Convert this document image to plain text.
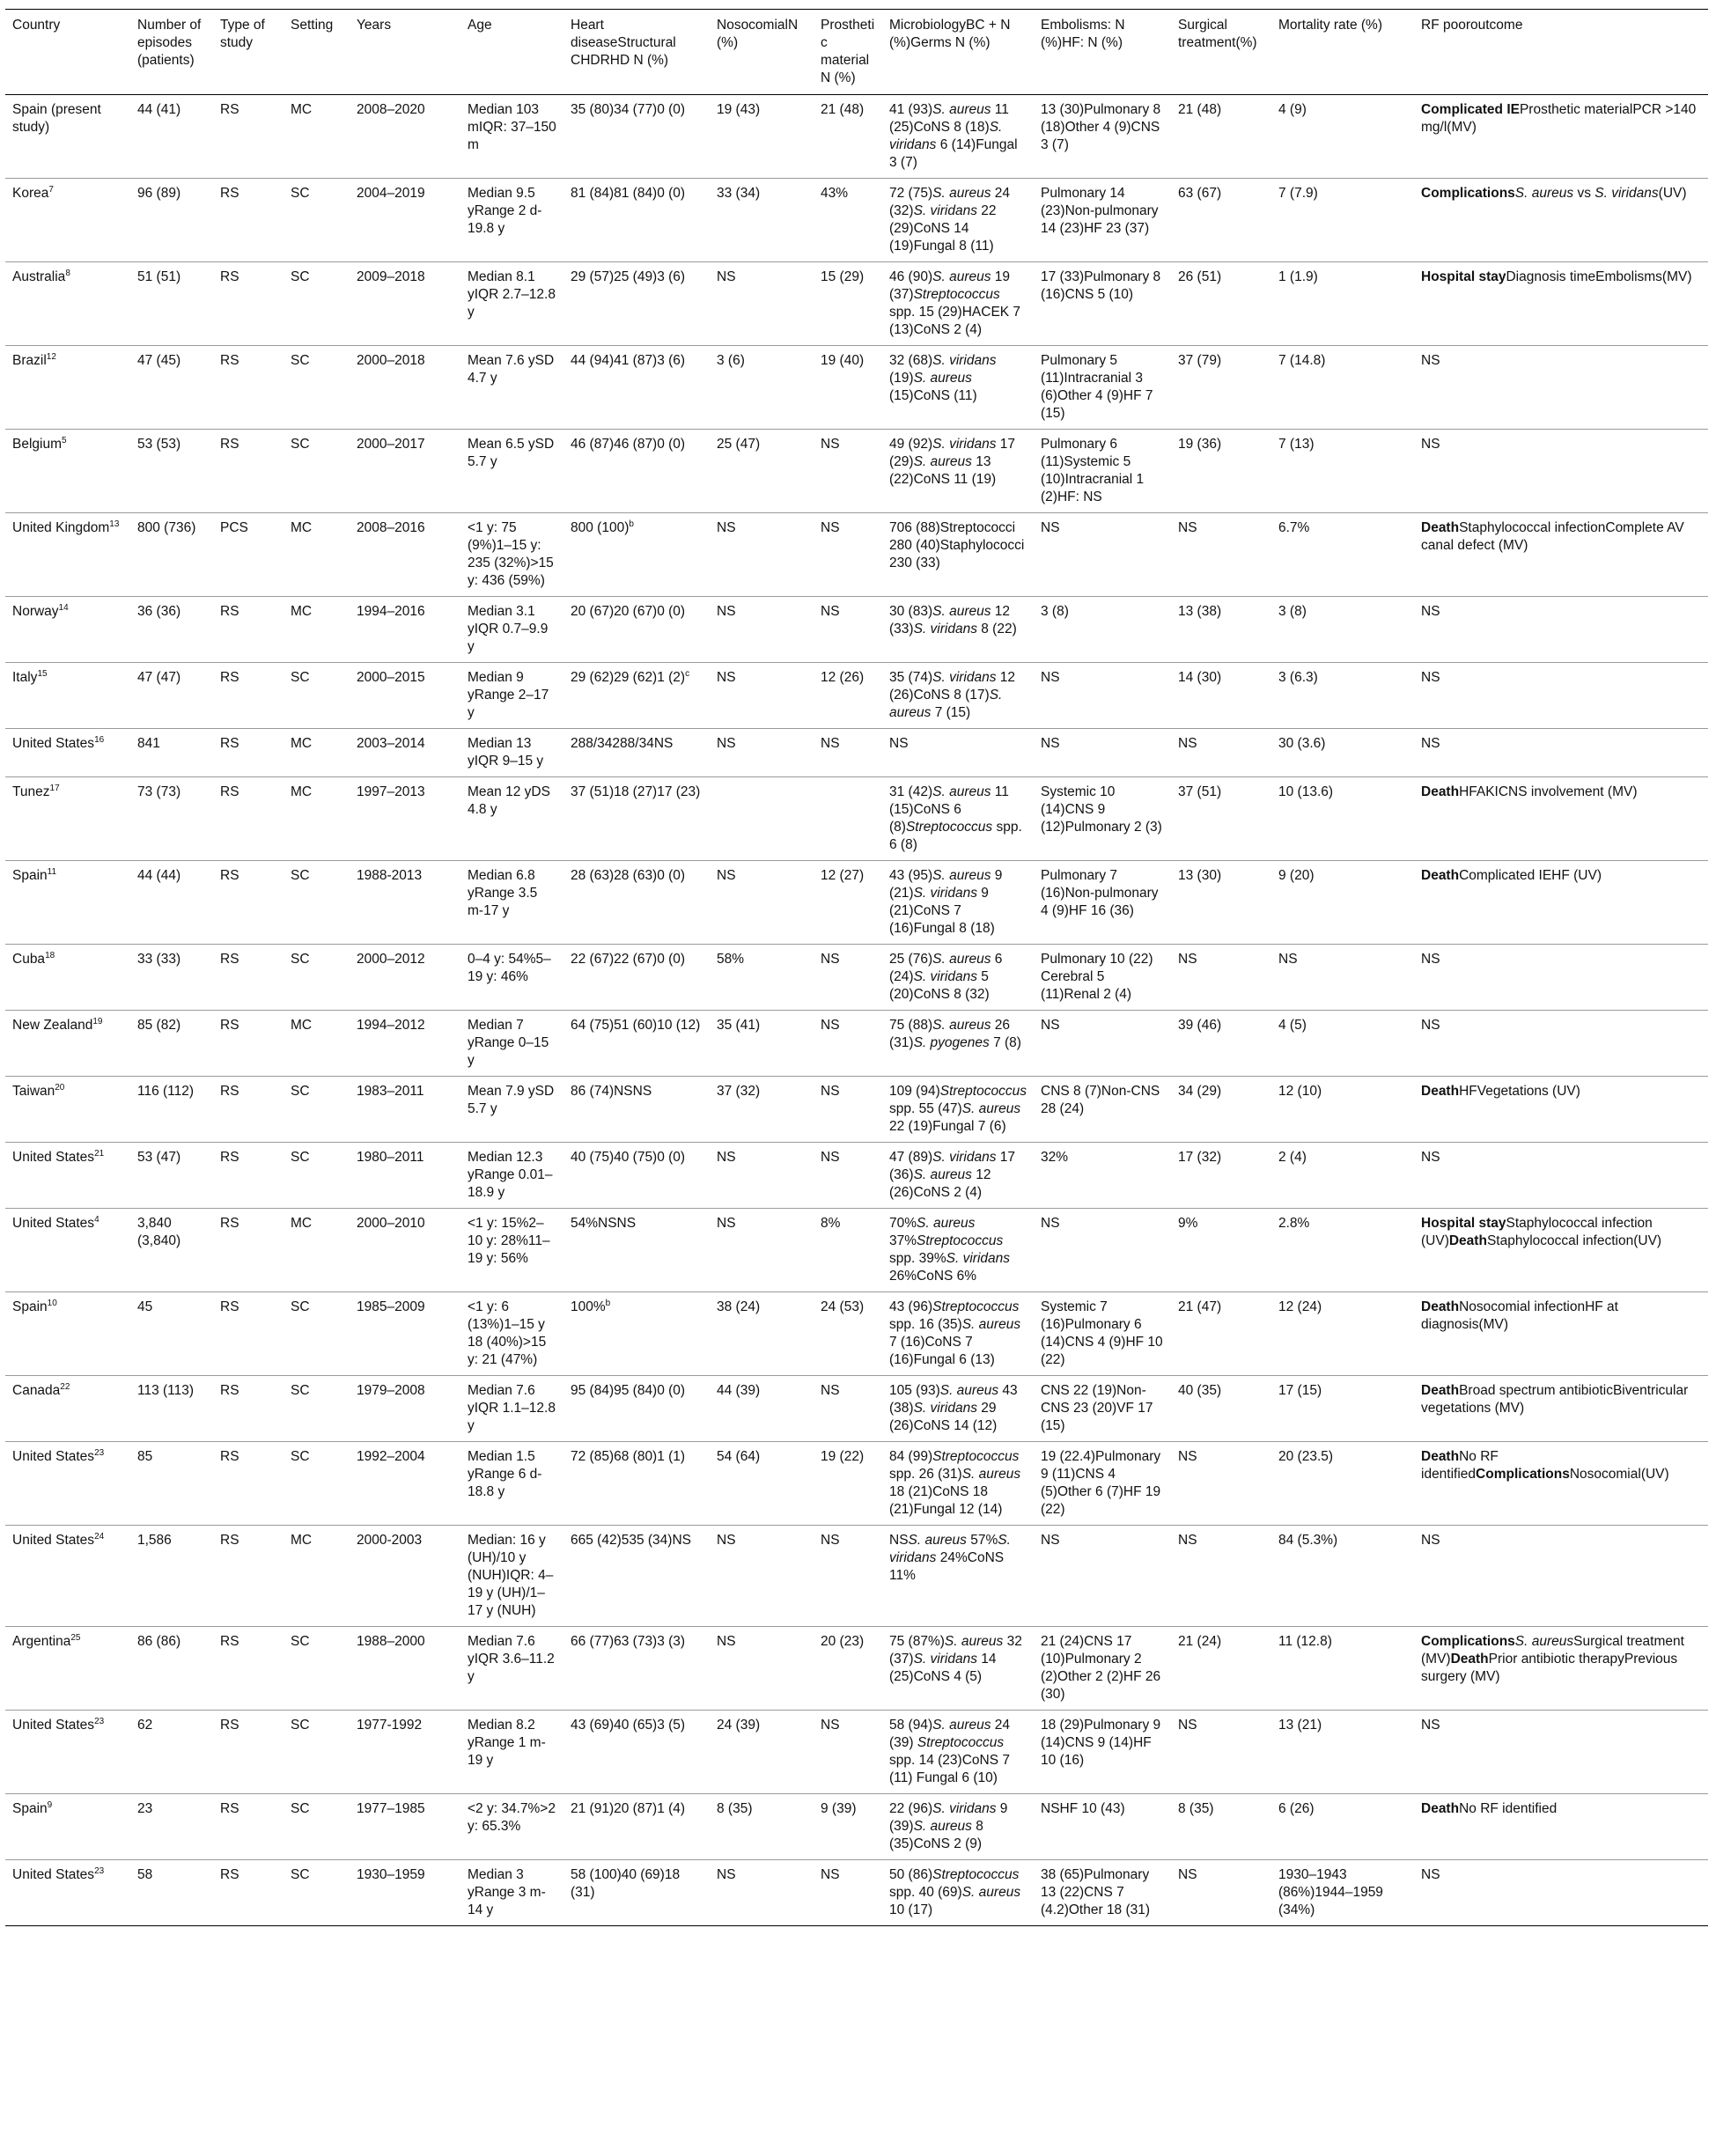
Country	Number of episodes (patients)	Type of study	Setting	Years	Age	Heart diseaseStructural CHDRHD N (%)	NosocomialN (%)	Prosthetic materialN (%)	MicrobiologyBC + N (%)Germs N (%)	Embolisms: N (%)HF: N (%)	Surgical treatment(%)	Mortality rate (%)	RF pooroutcome
Spain (present study)	44 (41)	RS	MC	2008–2020	Median 103 mIQR: 37–150 m	35 (80)34 (77)0 (0)	19 (43)	21 (48)	41 (93)S. aureus 11 (25)CoNS 8 (18)S. viridans 6 (14)Fungal 3 (7)	13 (30)Pulmonary 8 (18)Other 4 (9)CNS 3 (7)	21 (48)	4 (9)	Complicated IEProsthetic materialPCR >140 mg/l(MV)
Korea$^7$	96 (89)	RS	SC	2004–2019	Median 9.5 yRange 2 d-19.8 y	81 (84)81 (84)0 (0)	33 (34)	43%	72 (75)S. aureus 24 (32)S. viridans 22 (29)CoNS 14 (19)Fungal 8 (11)	Pulmonary 14 (23)Non-pulmonary 14 (23)HF 23 (37)	63 (67)	7 (7.9)	ComplicationsS. aureus vs S. viridans(UV)
Australia$^8$	51 (51)	RS	SC	2009–2018	Median 8.1 yIQR 2.7–12.8 y	29 (57)25 (49)3 (6)	NS	15 (29)	46 (90)S. aureus 19 (37)Streptococcus spp. 15 (29)HACEK 7 (13)CoNS 2 (4)	17 (33)Pulmonary 8 (16)CNS 5 (10)	26 (51)	1 (1.9)	Hospital stayDiagnosis timeEmbolisms(MV)
Brazil$^{12}$	47 (45)	RS	SC	2000–2018	Mean 7.6 ySD 4.7 y	44 (94)41 (87)3 (6)	3 (6)	19 (40)	32 (68)S. viridans (19)S. aureus (15)CoNS (11)	Pulmonary 5 (11)Intracranial 3 (6)Other 4 (9)HF 7 (15)	37 (79)	7 (14.8)	NS
Belgium$^5$	53 (53)	RS	SC	2000–2017	Mean 6.5 ySD 5.7 y	46 (87)46 (87)0 (0)	25 (47)	NS	49 (92)S. viridans 17 (29)S. aureus 13 (22)CoNS 11 (19)	Pulmonary 6 (11)Systemic 5 (10)Intracranial 1 (2)HF: NS	19 (36)	7 (13)	NS
United Kingdom$^{13}$	800 (736)	PCS	MC	2008–2016	<1 y: 75 (9%)1–15 y: 235 (32%)>15 y: 436 (59%)	800 $(100)^b$	NS	NS	706 (88)Streptococci 280 (40)Staphylococci 230 (33)	NS	NS	6.7%	DeathStaphylococcal infectionComplete AV canal defect (MV)
Norway$^{14}$	36 (36)	RS	MC	1994–2016	Median 3.1 yIQR 0.7–9.9 y	20 (67)20 (67)0 (0)	NS	NS	30 (83)S. aureus 12 (33)S. viridans 8 (22)	3 (8)	13 (38)	3 (8)	NS
Italy$^{15}$	47 (47)	RS	SC	2000–2015	Median 9 yRange 2–17 y	29 (62)29 (62)1 $(2)^c$	NS	12 (26)	35 (74)S. viridans 12 (26)CoNS 8 (17)S. aureus 7 (15)	NS	14 (30)	3 (6.3)	NS
United States$^{16}$	841	RS	MC	2003–2014	Median 13 yIQR 9–15 y	288/34288/34NS	NS	NS	NS	NS	NS	30 (3.6)	NS
Tunez$^{17}$	73 (73)	RS	MC	1997–2013	Mean 12 yDS 4.8 y	37 (51)18 (27)17 (23)			31 (42)S. aureus 11 (15)CoNS 6 (8)Streptococcus spp. 6 (8)	Systemic 10 (14)CNS 9 (12)Pulmonary 2 (3)	37 (51)	10 (13.6)	DeathHFAKICNS involvement (MV)
Spain$^{11}$	44 (44)	RS	SC	1988-2013	Median 6.8 yRange 3.5 m-17 y	28 (63)28 (63)0 (0)	NS	12 (27)	43 (95)S. aureus 9 (21)S. viridans 9 (21)CoNS 7 (16)Fungal 8 (18)	Pulmonary 7 (16)Non-pulmonary 4 (9)HF 16 (36)	13 (30)	9 (20)	DeathComplicated IEHF (UV)
Cuba$^{18}$	33 (33)	RS	SC	2000–2012	0–4 y: 54%5–19 y: 46%	22 (67)22 (67)0 (0)	58%	NS	25 (76)S. aureus 6 (24)S. viridans 5 (20)CoNS 8 (32)	Pulmonary 10 (22) Cerebral 5 (11)Renal 2 (4)	NS	NS	NS
New Zealand$^{19}$	85 (82)	RS	MC	1994–2012	Median 7 yRange 0–15 y	64 (75)51 (60)10 (12)	35 (41)	NS	75 (88)S. aureus 26 (31)S. pyogenes 7 (8)	NS	39 (46)	4 (5)	NS
Taiwan$^{20}$	116 (112)	RS	SC	1983–2011	Mean 7.9 ySD 5.7 y	86 (74)NSNS	37 (32)	NS	109 (94)Streptococcus spp. 55 (47)S. aureus 22 (19)Fungal 7 (6)	CNS 8 (7)Non-CNS 28 (24)	34 (29)	12 (10)	DeathHFVegetations (UV)
United States$^{21}$	53 (47)	RS	SC	1980–2011	Median 12.3 yRange 0.01–18.9 y	40 (75)40 (75)0 (0)	NS	NS	47 (89)S. viridans 17 (36)S. aureus 12 (26)CoNS 2 (4)	32%	17 (32)	2 (4)	NS
United States$^4$	3,840 (3,840)	RS	MC	2000–2010	<1 y: 15%2–10 y: 28%11–19 y: 56%	54%NSNS	NS	8%	70%S. aureus 37%Streptococcus spp. 39%S. viridans 26%CoNS 6%	NS	9%	2.8%	Hospital stayStaphylococcal infection (UV)DeathStaphylococcal infection(UV)
Spain$^{10}$	45	RS	SC	1985–2009	<1 y: 6 (13%)1–15 y 18 (40%)>15 y: 21 (47%)	100%$^b$	38 (24)	24 (53)	43 (96)Streptococcus spp. 16 (35)S. aureus 7 (16)CoNS 7 (16)Fungal 6 (13)	Systemic 7 (16)Pulmonary 6 (14)CNS 4 (9)HF 10 (22)	21 (47)	12 (24)	DeathNosocomial infectionHF at diagnosis(MV)
Canada$^{22}$	113 (113)	RS	SC	1979–2008	Median 7.6 yIQR 1.1–12.8 y	95 (84)95 (84)0 (0)	44 (39)	NS	105 (93)S. aureus 43 (38)S. viridans 29 (26)CoNS 14 (12)	CNS 22 (19)Non-CNS 23 (20)VF 17 (15)	40 (35)	17 (15)	DeathBroad spectrum antibioticBiventricular vegetations (MV)
United States$^{23}$	85	RS	SC	1992–2004	Median 1.5 yRange 6 d-18.8 y	72 (85)68 (80)1 (1)	54 (64)	19 (22)	84 (99)Streptococcus spp. 26 (31)S. aureus 18 (21)CoNS 18 (21)Fungal 12 (14)	19 (22.4)Pulmonary 9 (11)CNS 4 (5)Other 6 (7)HF 19 (22)	NS	20 (23.5)	DeathNo RF identifiedComplicationsNosocomial(UV)
United States$^{24}$	1,586	RS	MC	2000-2003	Median: 16 y (UH)/10 y (NUH)IQR: 4–19 y (UH)/1–17 y (NUH)	665 (42)535 (34)NS	NS	NS	NSS. aureus 57%S. viridans 24%CoNS 11%	NS	NS	84 (5.3%)	NS
Argentina$^{25}$	86 (86)	RS	SC	1988–2000	Median 7.6 yIQR 3.6–11.2 y	66 (77)63 (73)3 (3)	NS	20 (23)	75 (87%)S. aureus 32 (37)S. viridans 14 (25)CoNS 4 (5)	21 (24)CNS 17 (10)Pulmonary 2 (2)Other 2 (2)HF 26 (30)	21 (24)	11 (12.8)	ComplicationsS. aureusSurgical treatment (MV)DeathPrior antibiotic therapyPrevious surgery (MV)
United States$^{23}$	62	RS	SC	1977-1992	Median 8.2 yRange 1 m-19 y	43 (69)40 (65)3 (5)	24 (39)	NS	58 (94)S. aureus 24 (39) Streptococcus spp. 14 (23)CoNS 7 (11) Fungal 6 (10)	18 (29)Pulmonary 9 (14)CNS 9 (14)HF 10 (16)	NS	13 (21)	NS
Spain$^9$	23	RS	SC	1977–1985	<2 y: 34.7%>2 y: 65.3%	21 (91)20 (87)1 (4)	8 (35)	9 (39)	22 (96)S. viridans 9 (39)S. aureus 8 (35)CoNS 2 (9)	NSHF 10 (43)	8 (35)	6 (26)	DeathNo RF identified
United States$^{23}$	58	RS	SC	1930–1959	Median 3 yRange 3 m-14 y	58 (100)40 (69)18 (31)	NS	NS	50 (86)Streptococcus spp. 40 (69)S. aureus 10 (17)	38 (65)Pulmonary 13 (22)CNS 7 (4.2)Other 18 (31)	NS	1930–1943 (86%)1944–1959 (34%)	NS
